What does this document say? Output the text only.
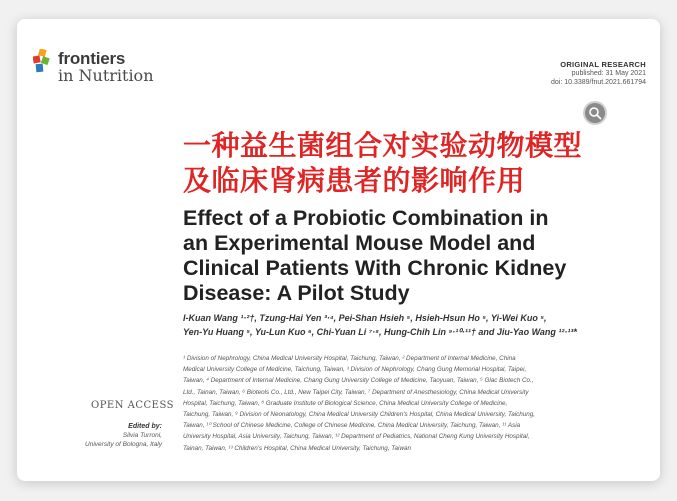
frontiers
in Nutrition
ORIGINAL RESEARCH
published: 31 May 2021
doi: 10.3389/fnut.2021.661794
一种益生菌组合对实验动物模型
及临床肾病患者的影响作用
Effect of a Probiotic Combination in
an Experimental Mouse Model and
Clinical Patients With Chronic Kidney
Disease: A Pilot Study
I-Kuan Wang ¹·²†, Tzung-Hai Yen ³·⁴, Pei-Shan Hsieh ⁵, Hsieh-Hsun Ho ⁵, Yi-Wei Kuo ⁵,
Yen-Yu Huang ⁵, Yu-Lun Kuo ⁶, Chi-Yuan Li ⁷·⁸, Hung-Chih Lin ⁹·¹⁰·¹¹† and Jiu-Yao Wang ¹²·¹³*
¹ Division of Nephrology, China Medical University Hospital, Taichung, Taiwan, ² Department of Internal Medicine, China
Medical University College of Medicine, Taichung, Taiwan, ³ Division of Nephrology, Chang Gung Memorial Hospital, Taipei,
Taiwan, ⁴ Department of Internal Medicine, Chang Gung University College of Medicine, Taoyuan, Taiwan, ⁵ Glac Biotech Co.,
Ltd., Tainan, Taiwan, ⁶ Bioteols Co., Ltd., New Taipei City, Taiwan, ⁷ Department of Anesthesiology, China Medical University
Hospital, Taichung, Taiwan, ⁸ Graduate Institute of Biological Science, China Medical University College of Medicine,
Taichung, Taiwan, ⁹ Division of Neonatology, China Medical University Children's Hospital, China Medical University, Taichung,
Taiwan, ¹⁰ School of Chinese Medicine, College of Chinese Medicine, China Medical University, Taichung, Taiwan, ¹¹ Asia
University Hospital, Asia University, Taichung, Taiwan, ¹² Department of Pediatrics, National Cheng Kung University Hospital,
Tainan, Taiwan, ¹³ Children's Hospital, China Medical University, Taichung, Taiwan
OPEN ACCESS
Edited by:
Silvia Turroni,
University of Bologna, Italy
